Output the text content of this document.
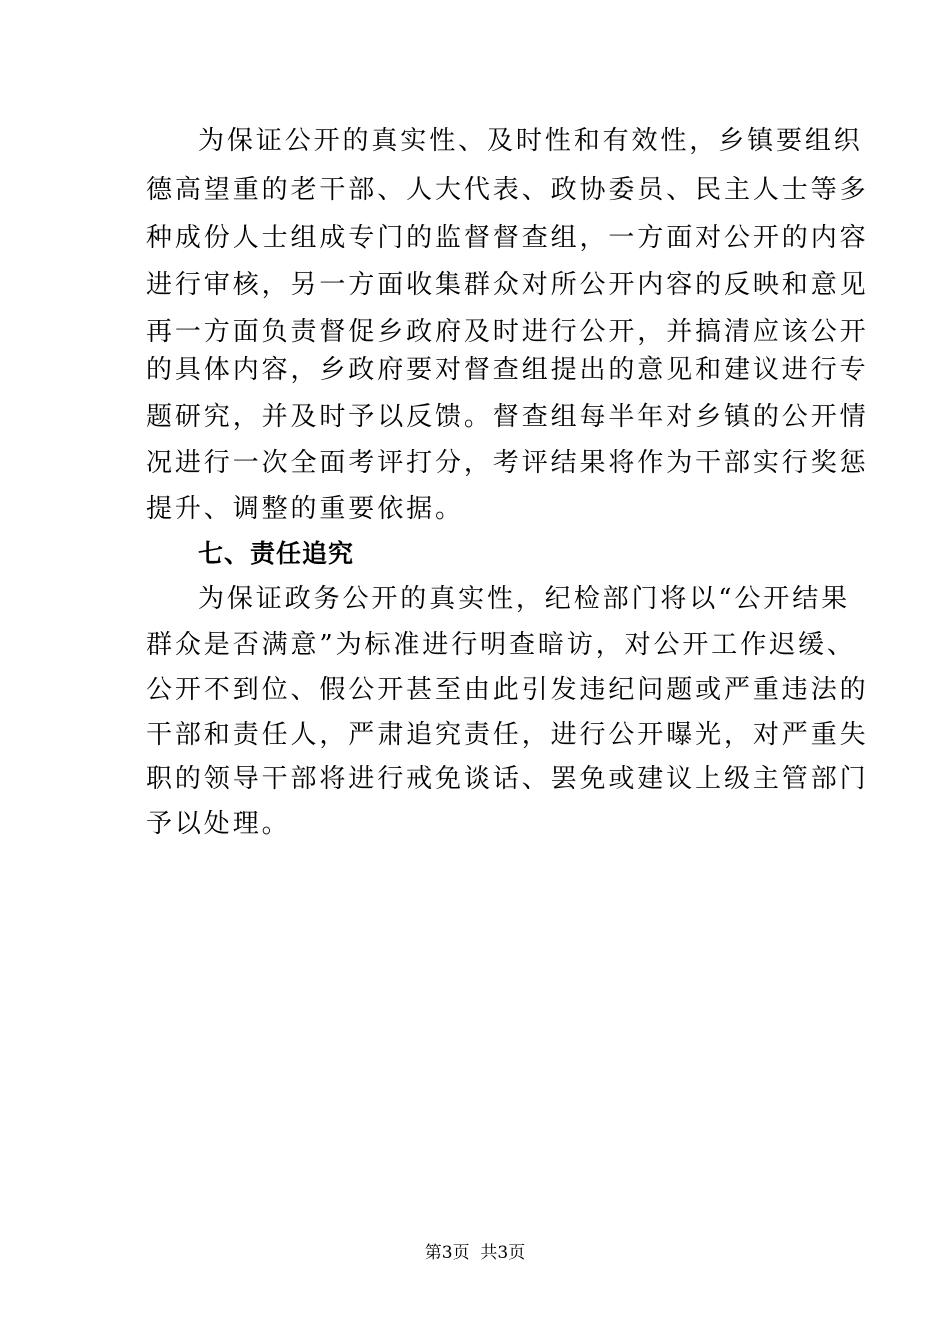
为保证公开的真实性、及时性和有效性，乡镇要组织
德高望重的老干部、人大代表、政协委员、民主人士等多
种成份人士组成专门的监督督查组，一方面对公开的内容
进行审核，另一方面收集群众对所公开内容的反映和意见
再一方面负责督促乡政府及时进行公开，并搞清应该公开
的具体内容，乡政府要对督查组提出的意见和建议进行专
题研究，并及时予以反馈。督查组每半年对乡镇的公开情
况进行一次全面考评打分，考评结果将作为干部实行奖惩
提升、调整的重要依据。
七、责任追究
为保证政务公开的真实性，纪检部门将以“公开结果
群众是否满意”为标准进行明查暗访，对公开工作迟缓、
公开不到位、假公开甚至由此引发违纪问题或严重违法的
干部和责任人，严肃追究责任，进行公开曝光，对严重失
职的领导干部将进行戒免谈话、罢免或建议上级主管部门
予以处理。
第3页  共3页
